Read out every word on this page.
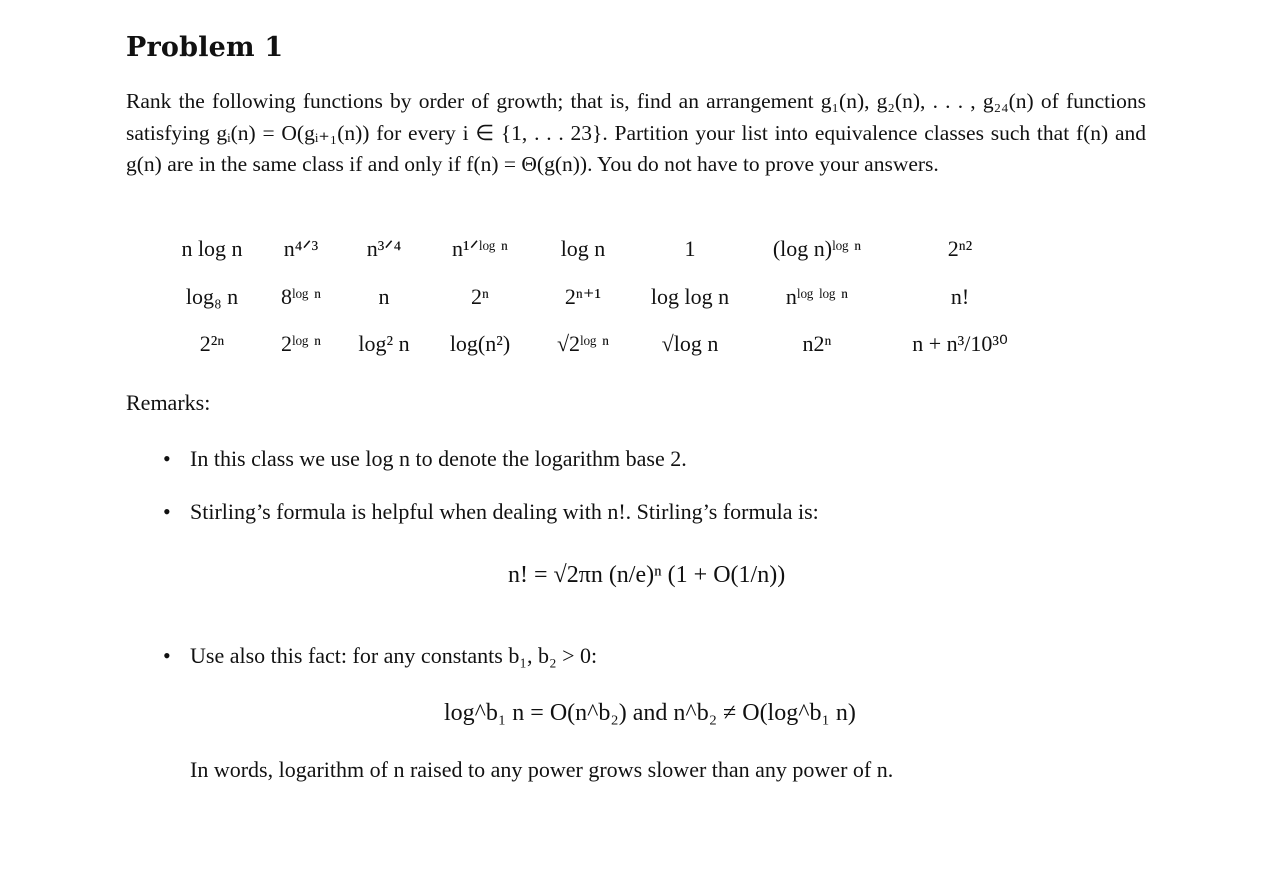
Problem 1

Rank the following functions by order of growth; that is, find an arrangement g₁(n), g₂(n), . . . , g₂₄(n) of functions satisfying gᵢ(n) = O(gᵢ₊₁(n)) for every i ∈ {1, . . . 23}. Partition your list into equivalence classes such that f(n) and g(n) are in the same class if and only if f(n) = Θ(g(n)). You do not have to prove your answers.

n log n	n⁴ᐟ³	n³ᐟ⁴	n¹ᐟˡᵒᵍ ⁿ	log n	1	(log n)ˡᵒᵍ ⁿ	2ⁿ²
log₈ n	8ˡᵒᵍ ⁿ	n	2ⁿ	2ⁿ⁺¹	log log n	nˡᵒᵍ ˡᵒᵍ ⁿ	n!
2²ⁿ	2ˡᵒᵍ ⁿ	log² n	log(n²)	√2ˡᵒᵍ ⁿ	√log n	n2ⁿ	n + n³/10³⁰

Remarks:

• In this class we use log n to denote the logarithm base 2.
• Stirling’s formula is helpful when dealing with n!. Stirling’s formula is:
n! = √2πn (n/e)ⁿ (1 + O(1/n))
• Use also this fact: for any constants b₁, b₂ > 0:
log^b₁ n = O(n^b₂) and n^b₂ ≠ O(log^b₁ n)
In words, logarithm of n raised to any power grows slower than any power of n.
